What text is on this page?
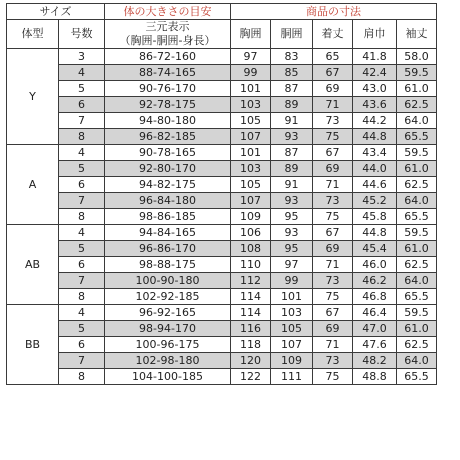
サイズ		体の大きさの目安	商品の寸法				
体型	号数	三元表示
（胸囲-胴囲-身長）	胸囲	胴囲	着丈	肩巾	袖丈
Y	3	86-72-160	97	83	65	41.8	58.0
	4	88-74-165	99	85	67	42.4	59.5
	5	90-76-170	101	87	69	43.0	61.0
	6	92-78-175	103	89	71	43.6	62.5
	7	94-80-180	105	91	73	44.2	64.0
	8	96-82-185	107	93	75	44.8	65.5
A	4	90-78-165	101	87	67	43.4	59.5
	5	92-80-170	103	89	69	44.0	61.0
	6	94-82-175	105	91	71	44.6	62.5
	7	96-84-180	107	93	73	45.2	64.0
	8	98-86-185	109	95	75	45.8	65.5
AB	4	94-84-165	106	93	67	44.8	59.5
	5	96-86-170	108	95	69	45.4	61.0
	6	98-88-175	110	97	71	46.0	62.5
	7	100-90-180	112	99	73	46.2	64.0
	8	102-92-185	114	101	75	46.8	65.5
BB	4	96-92-165	114	103	67	46.4	59.5
	5	98-94-170	116	105	69	47.0	61.0
	6	100-96-175	118	107	71	47.6	62.5
	7	102-98-180	120	109	73	48.2	64.0
	8	104-100-185	122	111	75	48.8	65.5
